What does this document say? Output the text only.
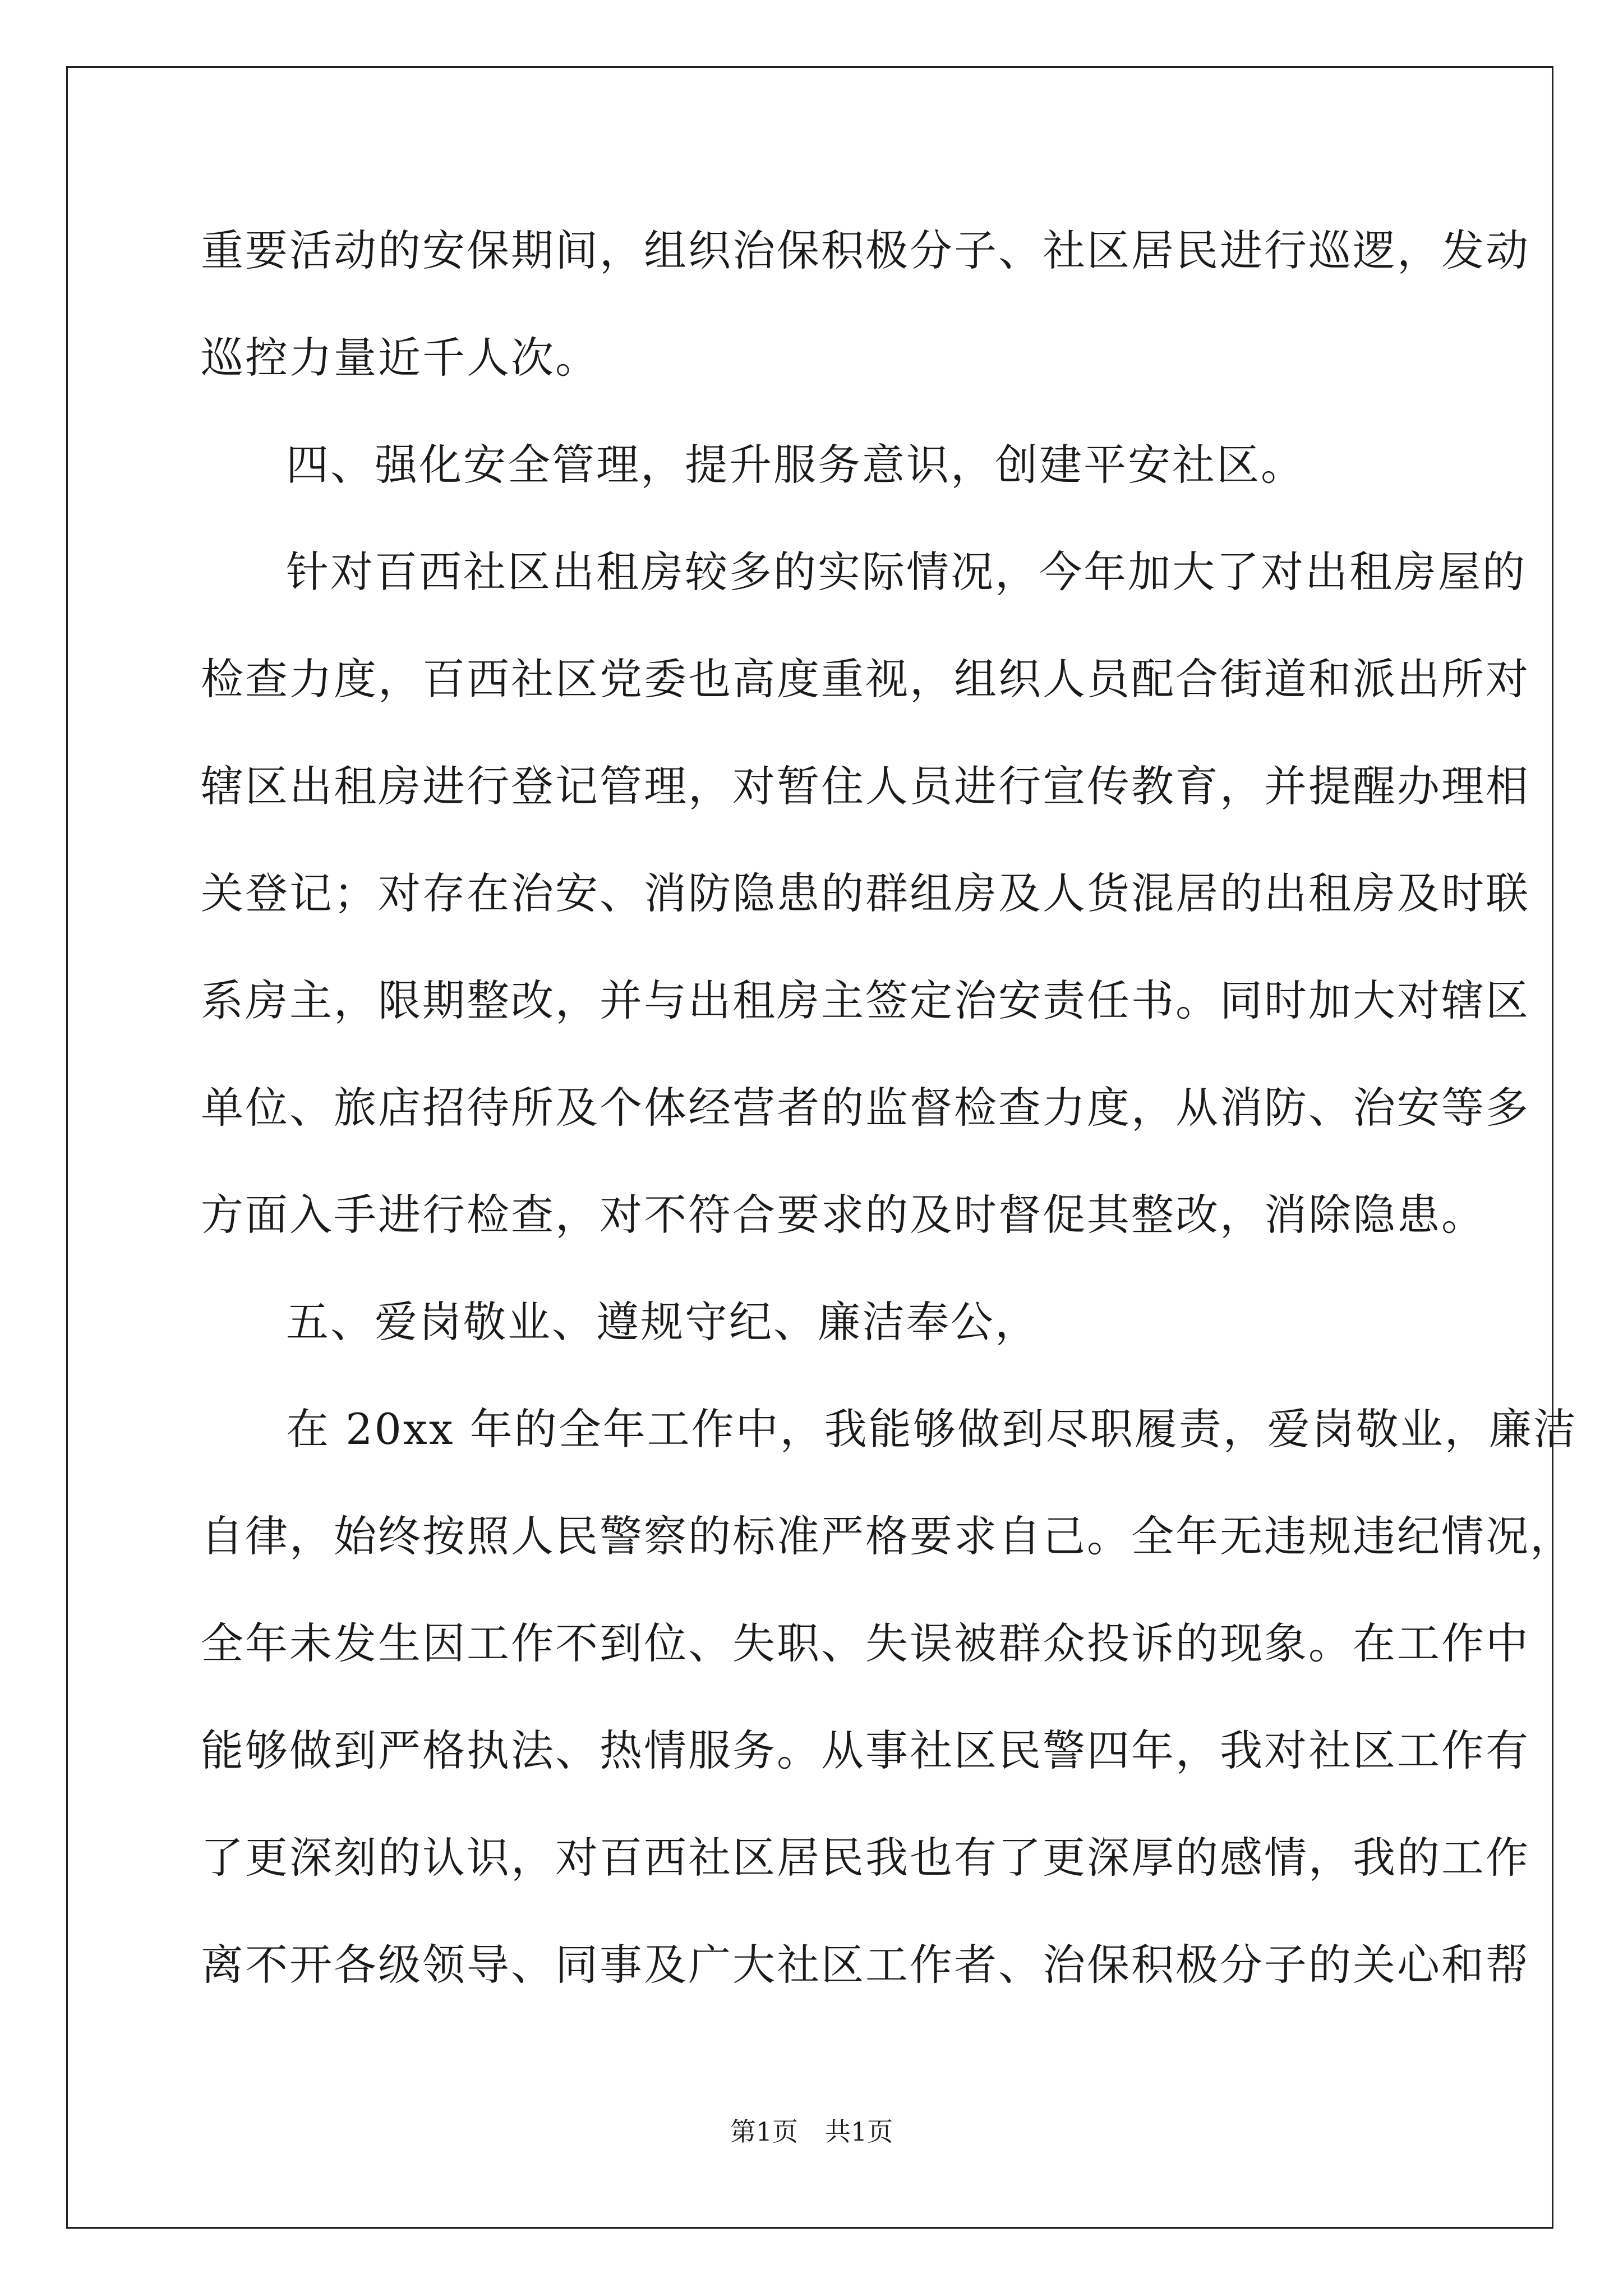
重要活动的安保期间，组织治保积极分子、社区居民进行巡逻，发动
巡控力量近千人次。
四、强化安全管理，提升服务意识，创建平安社区。
针对百西社区出租房较多的实际情况，今年加大了对出租房屋的
检查力度，百西社区党委也高度重视，组织人员配合街道和派出所对
辖区出租房进行登记管理，对暂住人员进行宣传教育，并提醒办理相
关登记；对存在治安、消防隐患的群组房及人货混居的出租房及时联
系房主，限期整改，并与出租房主签定治安责任书。同时加大对辖区
单位、旅店招待所及个体经营者的监督检查力度，从消防、治安等多
方面入手进行检查，对不符合要求的及时督促其整改，消除隐患。
五、爱岗敬业、遵规守纪、廉洁奉公，
在 20xx 年的全年工作中，我能够做到尽职履责，爱岗敬业，廉洁
自律，始终按照人民警察的标准严格要求自己。全年无违规违纪情况，
全年未发生因工作不到位、失职、失误被群众投诉的现象。在工作中
能够做到严格执法、热情服务。从事社区民警四年，我对社区工作有
了更深刻的认识，对百西社区居民我也有了更深厚的感情，我的工作
离不开各级领导、同事及广大社区工作者、治保积极分子的关心和帮
第1页 共1页
